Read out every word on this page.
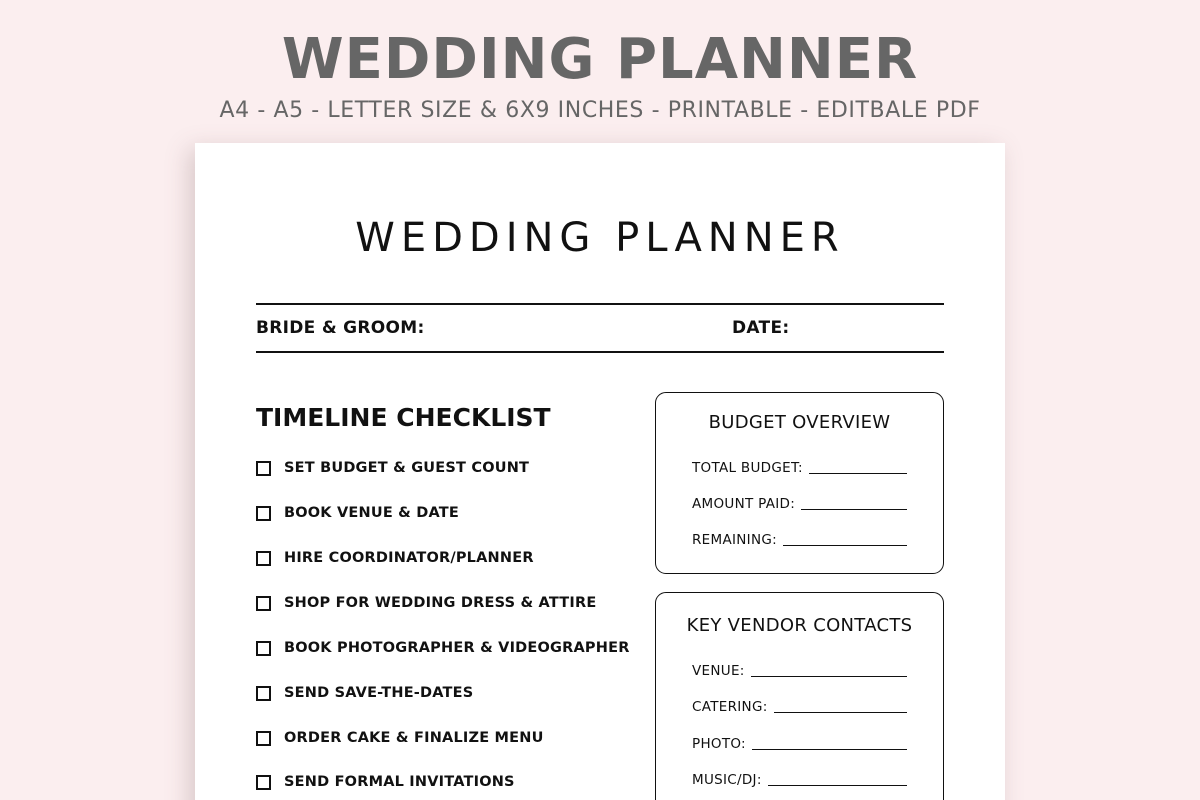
WEDDING PLANNER
A4 - A5 - LETTER SIZE & 6X9 INCHES - PRINTABLE - EDITBALE PDF
WEDDING PLANNER
BRIDE & GROOM:	DATE:
TIMELINE CHECKLIST
SET BUDGET & GUEST COUNT
BOOK VENUE & DATE
HIRE COORDINATOR/PLANNER
SHOP FOR WEDDING DRESS & ATTIRE
BOOK PHOTOGRAPHER & VIDEOGRAPHER
SEND SAVE-THE-DATES
ORDER CAKE & FINALIZE MENU
SEND FORMAL INVITATIONS
BUDGET OVERVIEW
TOTAL BUDGET:
AMOUNT PAID:
REMAINING:
KEY VENDOR CONTACTS
VENUE:
CATERING:
PHOTO:
MUSIC/DJ:
